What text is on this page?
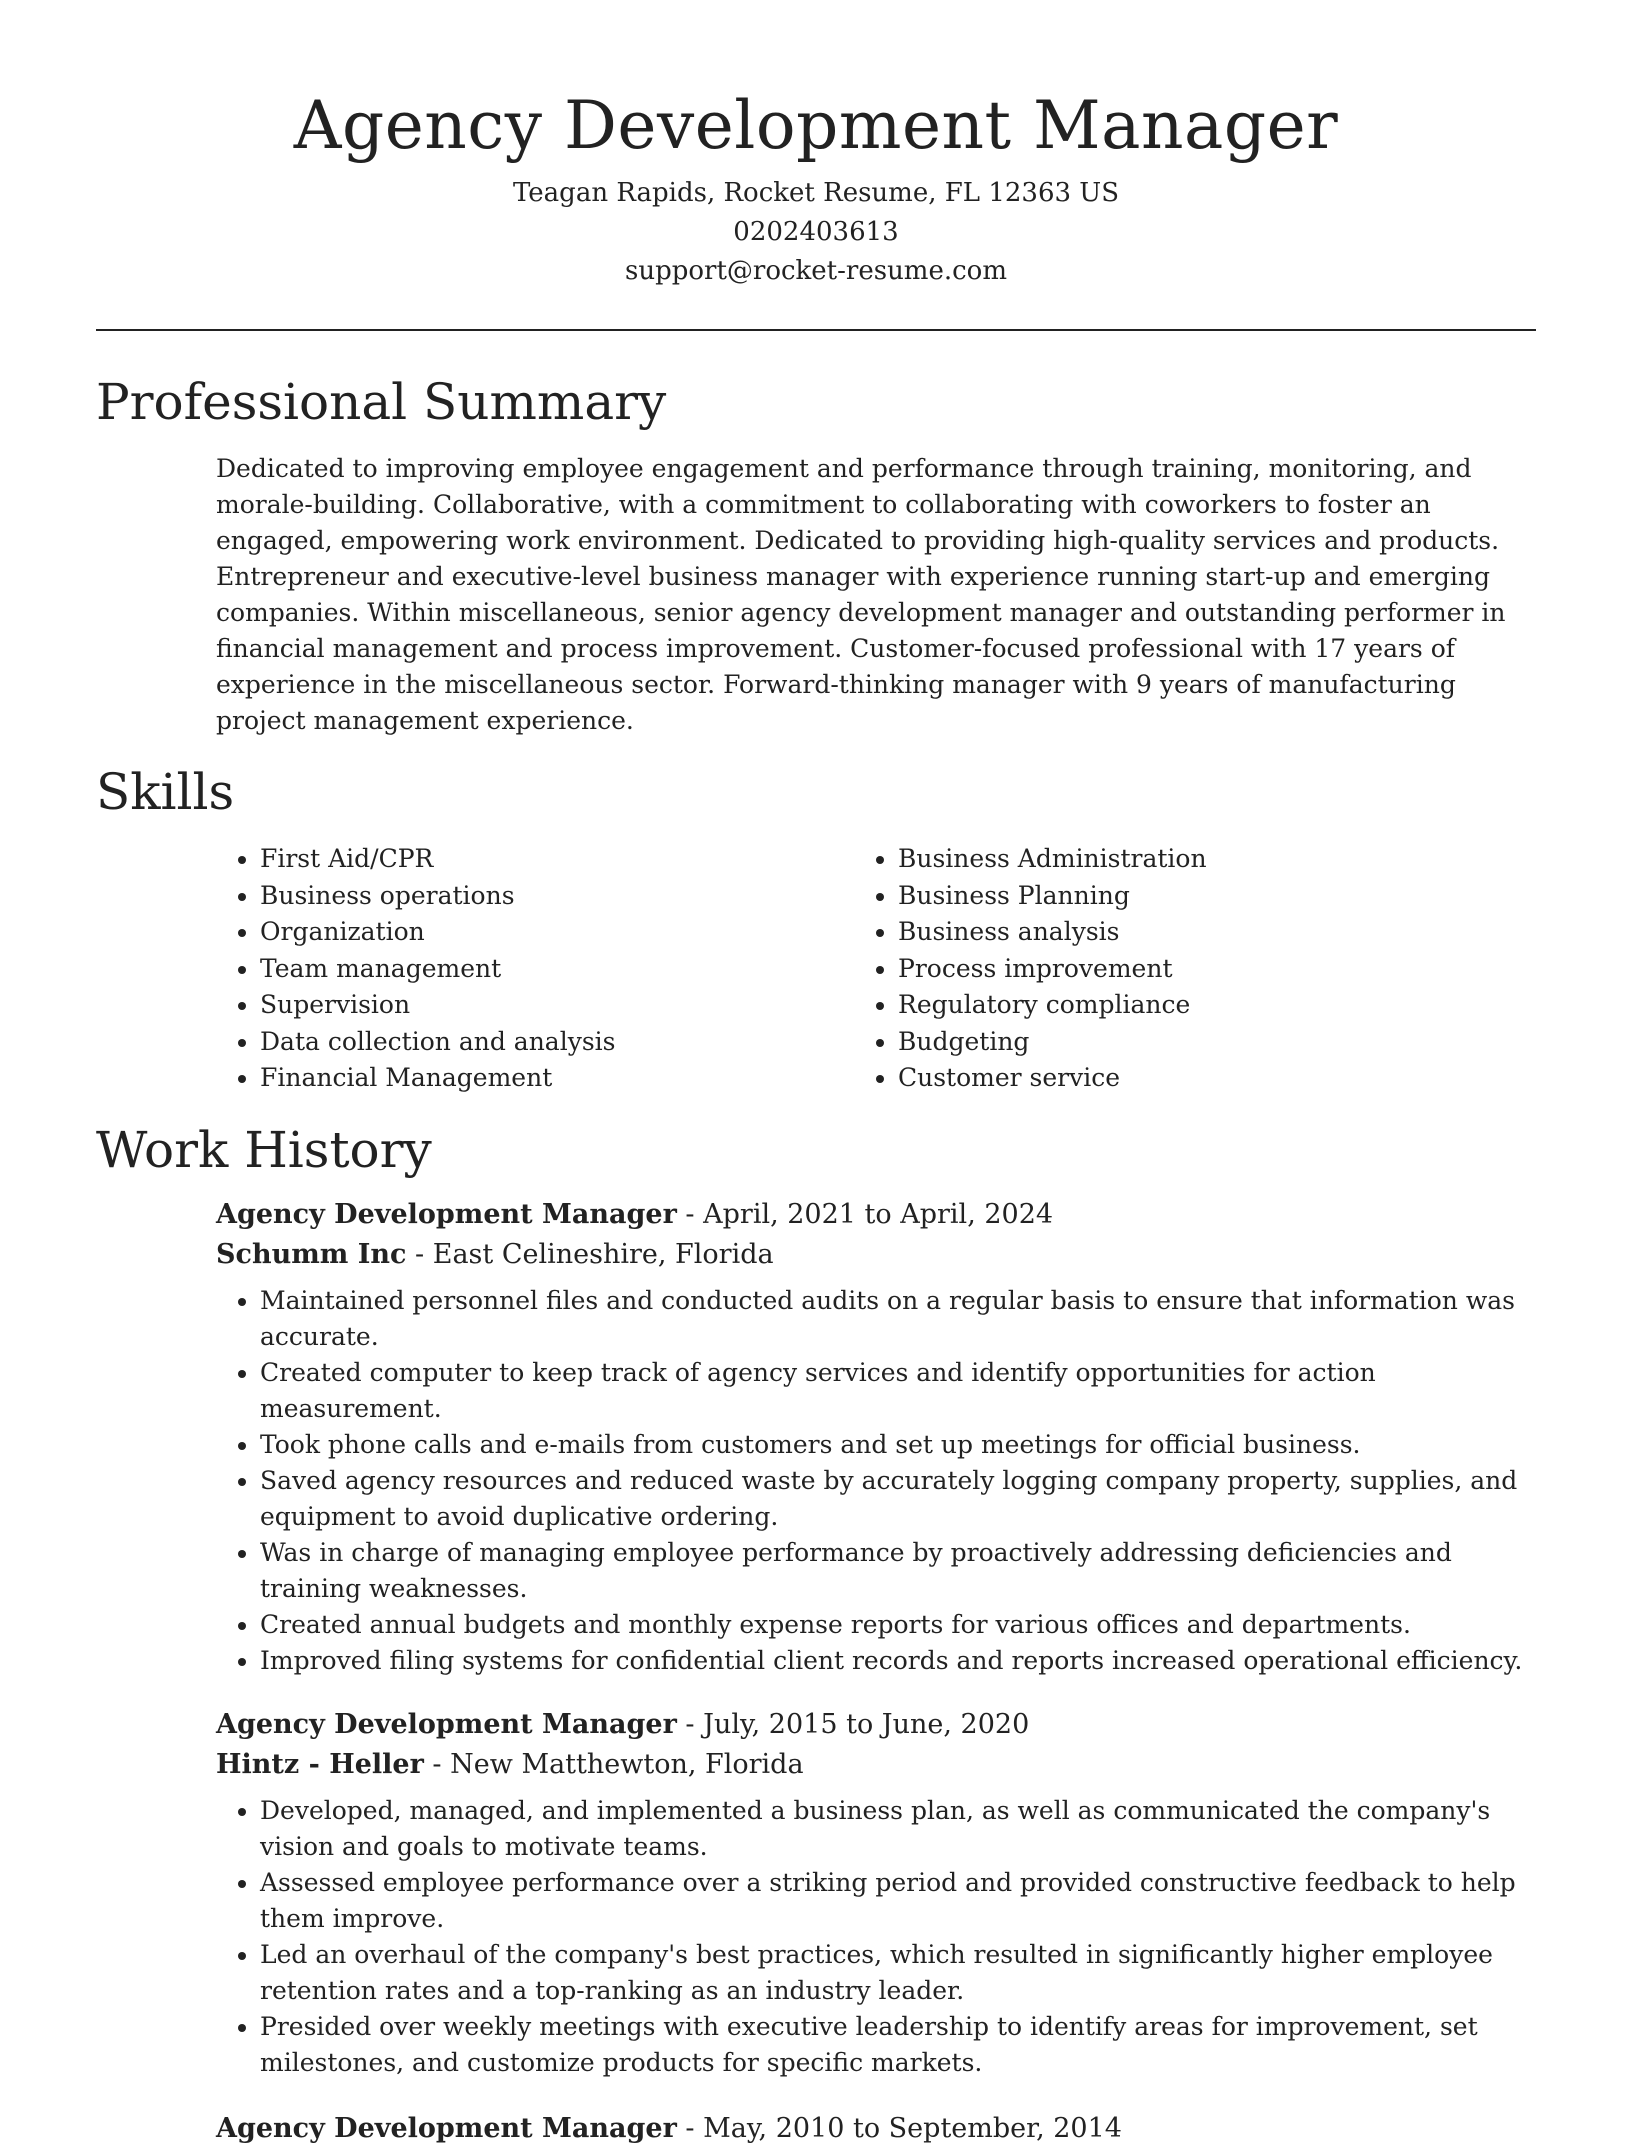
Agency Development Manager
Teagan Rapids, Rocket Resume, FL 12363 US
0202403613
support@rocket-resume.com
Professional Summary

Dedicated to improving employee engagement and performance through training, monitoring, and morale-building. Collaborative, with a commitment to collaborating with coworkers to foster an engaged, empowering work environment. Dedicated to providing high-quality services and products. Entrepreneur and executive-level business manager with experience running start-up and emerging companies. Within miscellaneous, senior agency development manager and outstanding performer in financial management and process improvement. Customer-focused professional with 17 years of experience in the miscellaneous sector. Forward-thinking manager with 9 years of manufacturing project management experience.

Skills
• First Aid/CPR
• Business operations
• Organization
• Team management
• Supervision
• Data collection and analysis
• Financial Management
• Business Administration
• Business Planning
• Business analysis
• Process improvement
• Regulatory compliance
• Budgeting
• Customer service
Work History
Agency Development Manager - April, 2021 to April, 2024
Schumm Inc - East Celineshire, Florida
• Maintained personnel files and conducted audits on a regular basis to ensure that information was accurate.
• Created computer to keep track of agency services and identify opportunities for action measurement.
• Took phone calls and e-mails from customers and set up meetings for official business.
• Saved agency resources and reduced waste by accurately logging company property, supplies, and equipment to avoid duplicative ordering.
• Was in charge of managing employee performance by proactively addressing deficiencies and training weaknesses.
• Created annual budgets and monthly expense reports for various offices and departments.
• Improved filing systems for confidential client records and reports increased operational efficiency.
Agency Development Manager - July, 2015 to June, 2020
Hintz - Heller - New Matthewton, Florida
• Developed, managed, and implemented a business plan, as well as communicated the company's vision and goals to motivate teams.
• Assessed employee performance over a striking period and provided constructive feedback to help them improve.
• Led an overhaul of the company's best practices, which resulted in significantly higher employee retention rates and a top-ranking as an industry leader.
• Presided over weekly meetings with executive leadership to identify areas for improvement, set milestones, and customize products for specific markets.
Agency Development Manager - May, 2010 to September, 2014
